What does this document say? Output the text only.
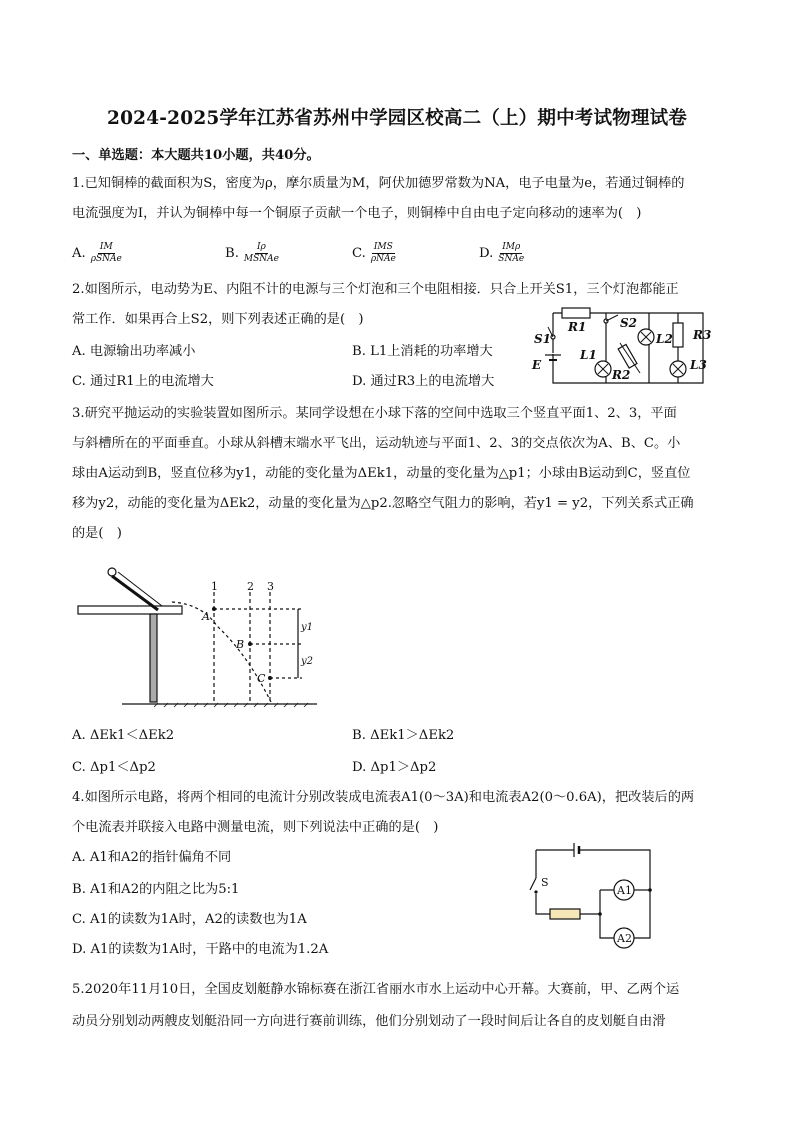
2024-2025学年江苏省苏州中学园区校高二（上）期中考试物理试卷
一、单选题：本大题共10小题，共40分。
1.已知铜棒的截面积为S，密度为ρ，摩尔质量为M，阿伏加德罗常数为NA，电子电量为e，若通过铜棒的
电流强度为I，并认为铜棒中每一个铜原子贡献一个电子，则铜棒中自由电子定向移动的速率为(　)
A. $\frac{IM}{\text{ρSNAe}}$	B. $\frac{I\rho}{\text{MSNAe}}$	C. $\frac{\text{IMS}}{\text{ρNAe}}$	D. $\frac{\text{IMρ}}{\text{SNAe}}$
2.如图所示，电动势为E、内阻不计的电源与三个灯泡和三个电阻相接．只合上开关S1，三个灯泡都能正
常工作．如果再合上S2，则下列表述正确的是(　)
A. 电源输出功率减小	B. L1上消耗的功率增大
C. 通过R1上的电流增大	D. 通过R3上的电流增大
S1
R1	S2
L2 R3
L1
R2
L3
E
3.研究平抛运动的实验装置如图所示。某同学设想在小球下落的空间中选取三个竖直平面1、2、3，平面
与斜槽所在的平面垂直。小球从斜槽末端水平飞出，运动轨迹与平面1、2、3的交点依次为A、B、C。小
球由A运动到B，竖直位移为y1，动能的变化量为ΔEk1，动量的变化量为△p1；小球由B运动到C，竖直位
移为y2，动能的变化量为ΔEk2，动量的变化量为△p2.忽略空气阻力的影响，若y1 = y2，下列关系式正确
的是(　)
1	2 3
A
B
C
y1
y2
A. ΔEk1＜ΔEk2	B. ΔEk1＞ΔEk2
C. Δp1＜Δp2	D. Δp1＞Δp2
4.如图所示电路，将两个相同的电流计分别改装成电流表A1(0～3A)和电流表A2(0～0.6A)，把改装后的两
个电流表并联接入电路中测量电流，则下列说法中正确的是(　)
A. A1和A2的指针偏角不同
B. A1和A2的内阻之比为5:1
C. A1的读数为1A时，A2的读数也为1A
D. A1的读数为1A时，干路中的电流为1.2A
S
A1
A2
5.2020年11月10日，全国皮划艇静水锦标赛在浙江省丽水市水上运动中心开幕。大赛前，甲、乙两个运
动员分别划动两艘皮划艇沿同一方向进行赛前训练，他们分别划动了一段时间后让各自的皮划艇自由滑
